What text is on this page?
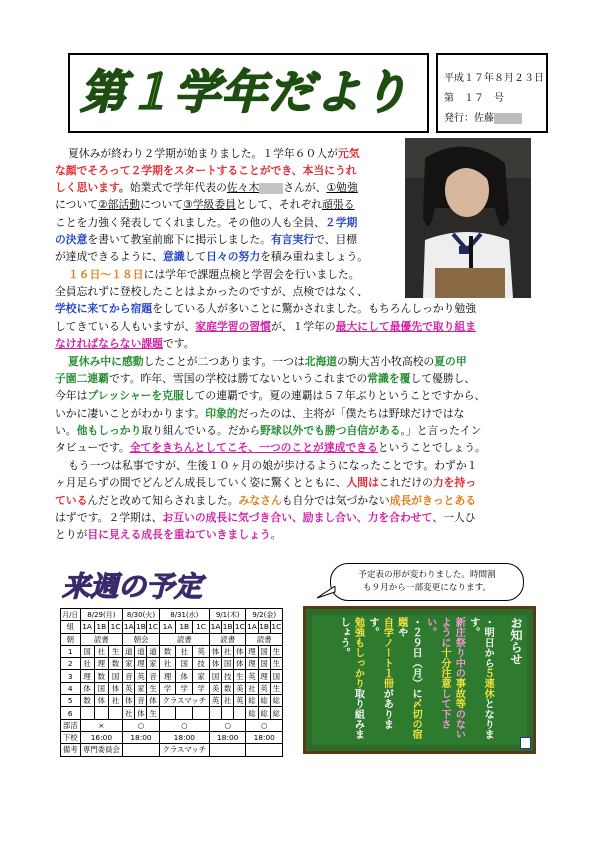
第１学年だより	平成１７年８月２３日
第　１７　号
発行：佐藤

夏休みが終わり２学期が始まりました。１学年６０人が元気

な顔でそろって２学期をスタートすることができ、本当にうれ

しく思います。始業式で学年代表の佐々木 さんが、①勉強

について②部活動について③学級委員として、それぞれ頑張る

ことを力強く発表してくれました。その他の人も全員、２学期

の決意を書いて教室前廊下に掲示しました。有言実行で、目標

が達成できるように、意識して日々の努力を積み重ねましょう。

１６日～１８日には学年で課題点検と学習会を行いました。

全員忘れずに登校したことはよかったのですが、点検ではなく、

学校に来てから宿題をしている人が多いことに驚かされました。もちろんしっかり勉強

してきている人もいますが、家庭学習の習慣が、１学年の最大にして最優先で取り組ま

なければならない課題です。

夏休み中に感動したことが二つあります。一つは北海道の駒大苫小牧高校の夏の甲

子園二連覇です。昨年、雪国の学校は勝てないというこれまでの常識を覆して優勝し、

今年はプレッシャーを克服しての連覇です。夏の連覇は５７年ぶりということですから、

いかに凄いことがわかります。印象的だったのは、主将が「僕たちは野球だけではな

い。他もしっかり取り組んでいる。だから野球以外でも勝つ自信がある。」と言ったイン

タビューです。全てをきちんとしてこそ、一つのことが達成できるということでしょう。

もう一つは私事ですが、生後１０ヶ月の娘が歩けるようになったことです。わずか１

ヶ月足らずの間でどんどん成長していく姿に驚くとともに、人間はこれだけの力を持っ

ているんだと改めて知らされました。みなさんも自分では気づかない成長がきっとある

はずです。２学期は、お互いの成長に気づき合い、励まし合い、力を合わせて、一人ひ

とりが目に見える成長を重ねていきましょう。

来週の予定	予定表の形が変わりました。時間割
も９月から一部変更になります。
月/日	8/29(月)			8/30(火)			8/31(水)			9/1(木)			9/2(金)		
組	1A	1B	1C	1A	1B	1C	1A	1B	1C	1A	1B	1C	1A	1B	1C
朝	読書			朝会			読書			読書			読書		
1	国	社	生	道	道	道	数	社	英	体	社	体	理	国	生
2	社	理	数	家	理	家	社	国	技	体	国	体	理	国	生
3	理	数	国	音	英	音	理	体	家	国	技	生	英	理	国
4	体	国	体	英	家	生	学	学	学	美	数	美	社	英	生
5	数	体	社	体	音	体	クラスマッチ			英	社	英	総	総	総
6				社	体	生							総	総	総
部活	×			○			○			○			○		
下校	16:00			18:00			18:00			18:00			18:00		
備考	専門委員会						クラスマッチ								
お知らせ

・明日から５連休となります。
新庄祭り中の事故等のない
ように十分注意して下さい。
・２９日（月）に〆切の宿題や
自学ノート１冊があります。
勉強もしっかり取り組みま
しょう。
